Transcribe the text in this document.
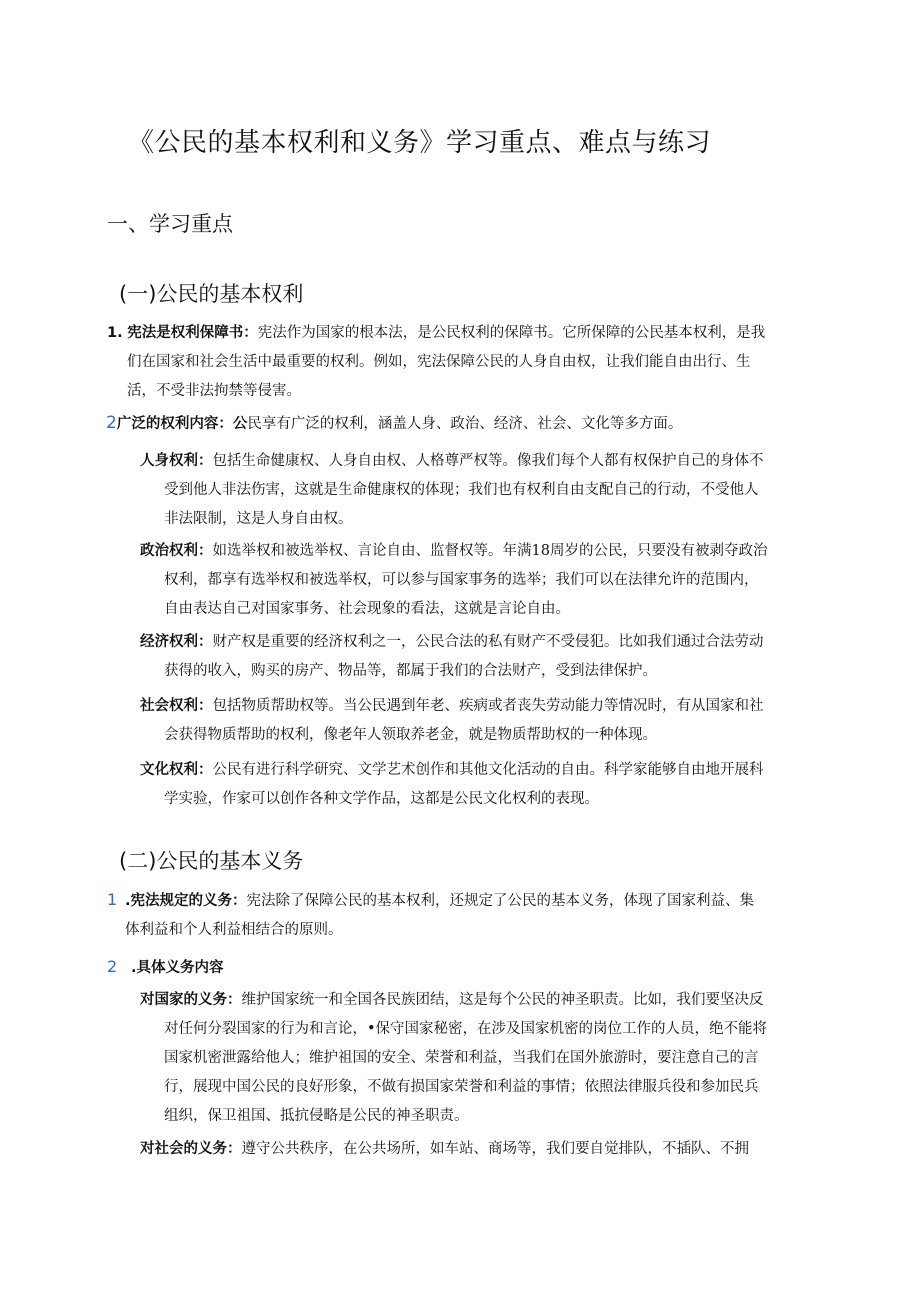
《公民的基本权利和义务》学习重点、难点与练习
一、学习重点
(一)公民的基本权利
1. 宪法是权利保障书：宪法作为国家的根本法，是公民权利的保障书。它所保障的公民基本权利，是我
们在国家和社会生活中最重要的权利。例如，宪法保障公民的人身自由权，让我们能自由出行、生
活，不受非法拘禁等侵害。
2广泛的权利内容：公民享有广泛的权利，涵盖人身、政治、经济、社会、文化等多方面。
人身权利：包括生命健康权、人身自由权、人格尊严权等。像我们每个人都有权保护自己的身体不
受到他人非法伤害，这就是生命健康权的体现；我们也有权利自由支配自己的行动，不受他人
非法限制，这是人身自由权。
政治权利：如选举权和被选举权、言论自由、监督权等。年满18周岁的公民，只要没有被剥夺政治
权利，都享有选举权和被选举权，可以参与国家事务的选举；我们可以在法律允许的范围内，
自由表达自己对国家事务、社会现象的看法，这就是言论自由。
经济权利：财产权是重要的经济权利之一，公民合法的私有财产不受侵犯。比如我们通过合法劳动
获得的收入，购买的房产、物品等，都属于我们的合法财产，受到法律保护。
社会权利：包括物质帮助权等。当公民遇到年老、疾病或者丧失劳动能力等情况时，有从国家和社
会获得物质帮助的权利，像老年人领取养老金，就是物质帮助权的一种体现。
文化权利：公民有进行科学研究、文学艺术创作和其他文化活动的自由。科学家能够自由地开展科
学实验，作家可以创作各种文学作品，这都是公民文化权利的表现。
(二)公民的基本义务
1 .宪法规定的义务：宪法除了保障公民的基本权利，还规定了公民的基本义务，体现了国家利益、集
体利益和个人利益相结合的原则。
2 .具体义务内容
对国家的义务：维护国家统一和全国各民族团结，这是每个公民的神圣职责。比如，我们要坚决反
对任何分裂国家的行为和言论，•保守国家秘密，在涉及国家机密的岗位工作的人员，绝不能将
国家机密泄露给他人；维护祖国的安全、荣誉和利益，当我们在国外旅游时，要注意自己的言
行，展现中国公民的良好形象，不做有损国家荣誉和利益的事情；依照法律服兵役和参加民兵
组织，保卫祖国、抵抗侵略是公民的神圣职责。
对社会的义务：遵守公共秩序，在公共场所，如车站、商场等，我们要自觉排队，不插队、不拥
